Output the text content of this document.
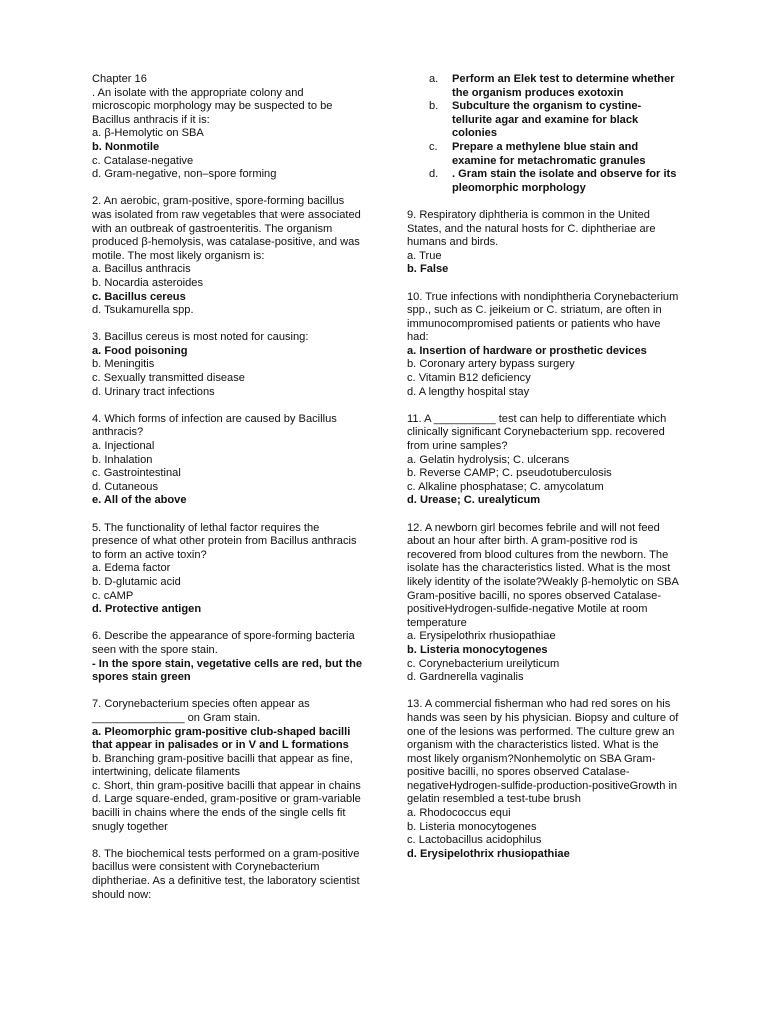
Chapter 16

. An isolate with the appropriate colony and microscopic morphology may be suspected to be Bacillus anthracis if it is:

a. β-Hemolytic on SBA

b. Nonmotile

c. Catalase-negative

d. Gram-negative, non–spore forming

2. An aerobic, gram-positive, spore-forming bacillus was isolated from raw vegetables that were associated with an outbreak of gastroenteritis. The organism produced β-hemolysis, was catalase-positive, and was motile. The most likely organism is:

a. Bacillus anthracis

b. Nocardia asteroides

c. Bacillus cereus

d. Tsukamurella spp.

3. Bacillus cereus is most noted for causing:

a. Food poisoning

b. Meningitis

c. Sexually transmitted disease

d. Urinary tract infections

4. Which forms of infection are caused by Bacillus anthracis?

a. Injectional

b. Inhalation

c. Gastrointestinal

d. Cutaneous

e. All of the above

5. The functionality of lethal factor requires the presence of what other protein from Bacillus anthracis to form an active toxin?

a. Edema factor

b. D-glutamic acid

c. cAMP

d. Protective antigen

6. Describe the appearance of spore-forming bacteria seen with the spore stain.

- In the spore stain, vegetative cells are red, but the spores stain green

7. Corynebacterium species often appear as _______________ on Gram stain.

a. Pleomorphic gram-positive club-shaped bacilli that appear in palisades or in V and L formations

b. Branching gram-positive bacilli that appear as fine, intertwining, delicate filaments

c. Short, thin gram-positive bacilli that appear in chains

d. Large square-ended, gram-positive or gram-variable bacilli in chains where the ends of the single cells fit snugly together

8. The biochemical tests performed on a gram-positive bacillus were consistent with Corynebacterium diphtheriae. As a definitive test, the laboratory scientist should now:

a.	Perform an Elek test to determine whether the organism produces exotoxin
b.	Subculture the organism to cystine-tellurite agar and examine for black colonies
c.	Prepare a methylene blue stain and examine for metachromatic granules
d.	. Gram stain the isolate and observe for its pleomorphic morphology

9. Respiratory diphtheria is common in the United States, and the natural hosts for C. diphtheriae are humans and birds.

a. True

b. False

10. True infections with nondiphtheria Corynebacterium spp., such as C. jeikeium or C. striatum, are often in immunocompromised patients or patients who have had:

a. Insertion of hardware or prosthetic devices

b. Coronary artery bypass surgery

c. Vitamin B12 deficiency

d. A lengthy hospital stay

11. A __________ test can help to differentiate which clinically significant Corynebacterium spp. recovered from urine samples?

a. Gelatin hydrolysis; C. ulcerans

b. Reverse CAMP; C. pseudotuberculosis

c. Alkaline phosphatase; C. amycolatum

d. Urease; C. urealyticum

12. A newborn girl becomes febrile and will not feed about an hour after birth. A gram-positive rod is recovered from blood cultures from the newborn. The isolate has the characteristics listed. What is the most likely identity of the isolate?Weakly β-hemolytic on SBA Gram-positive bacilli, no spores observed Catalase-positiveHydrogen-sulfide-negative Motile at room temperature

a. Erysipelothrix rhusiopathiae

b. Listeria monocytogenes

c. Corynebacterium ureilyticum

d. Gardnerella vaginalis

13. A commercial fisherman who had red sores on his hands was seen by his physician. Biopsy and culture of one of the lesions was performed. The culture grew an organism with the characteristics listed. What is the most likely organism?Nonhemolytic on SBA Gram-positive bacilli, no spores observed Catalase-negativeHydrogen-sulfide-production-positiveGrowth in gelatin resembled a test-tube brush

a. Rhodococcus equi

b. Listeria monocytogenes

c. Lactobacillus acidophilus

d. Erysipelothrix rhusiopathiae
